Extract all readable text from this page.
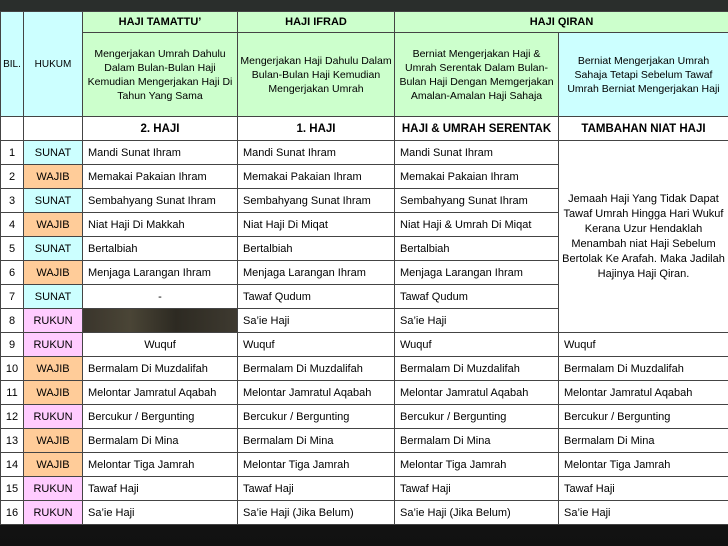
BIL.	HUKUM	HAJI TAMATTU’	HAJI IFRAD	HAJI QIRAN	
		Mengerjakan Umrah Dahulu Dalam Bulan-Bulan Haji Kemudian Mengerjakan Haji Di Tahun Yang Sama	Mengerjakan Haji Dahulu Dalam Bulan-Bulan Haji Kemudian Mengerjakan Umrah	Berniat Mengerjakan Haji & Umrah Serentak Dalam Bulan-Bulan Haji Dengan Memgerjakan Amalan-Amalan Haji Sahaja	Berniat Mengerjakan Umrah Sahaja Tetapi Sebelum Tawaf Umrah Berniat Mengerjakan Haji
		2. HAJI	1. HAJI	HAJI & UMRAH SERENTAK	TAMBAHAN NIAT HAJI
1	SUNAT	Mandi Sunat Ihram	Mandi Sunat Ihram	Mandi Sunat Ihram	Jemaah Haji Yang Tidak Dapat Tawaf Umrah Hingga Hari Wukuf Kerana Uzur Hendaklah Menambah niat Haji Sebelum Bertolak Ke Arafah. Maka Jadilah Hajinya Haji Qiran.
2	WAJIB	Memakai Pakaian Ihram	Memakai Pakaian Ihram	Memakai Pakaian Ihram	
3	SUNAT	Sembahyang Sunat Ihram	Sembahyang Sunat Ihram	Sembahyang Sunat Ihram	
4	WAJIB	Niat Haji Di Makkah	Niat Haji Di Miqat	Niat Haji & Umrah Di Miqat	
5	SUNAT	Bertalbiah	Bertalbiah	Bertalbiah	
6	WAJIB	Menjaga Larangan Ihram	Menjaga Larangan Ihram	Menjaga Larangan Ihram	
7	SUNAT	-	Tawaf Qudum	Tawaf Qudum	
8	RUKUN		Sa’ie Haji	Sa’ie Haji	
9	RUKUN	Wuquf	Wuquf	Wuquf	Wuquf
10	WAJIB	Bermalam Di Muzdalifah	Bermalam Di Muzdalifah	Bermalam Di Muzdalifah	Bermalam Di Muzdalifah
11	WAJIB	Melontar Jamratul Aqabah	Melontar Jamratul Aqabah	Melontar Jamratul Aqabah	Melontar Jamratul Aqabah
12	RUKUN	Bercukur / Bergunting	Bercukur / Bergunting	Bercukur / Bergunting	Bercukur / Bergunting
13	WAJIB	Bermalam Di Mina	Bermalam Di Mina	Bermalam Di Mina	Bermalam Di Mina
14	WAJIB	Melontar Tiga Jamrah	Melontar Tiga Jamrah	Melontar Tiga Jamrah	Melontar Tiga Jamrah
15	RUKUN	Tawaf Haji	Tawaf Haji	Tawaf Haji	Tawaf Haji
16	RUKUN	Sa’ie Haji	Sa’ie Haji (Jika Belum)	Sa’ie Haji (Jika Belum)	Sa’ie Haji
